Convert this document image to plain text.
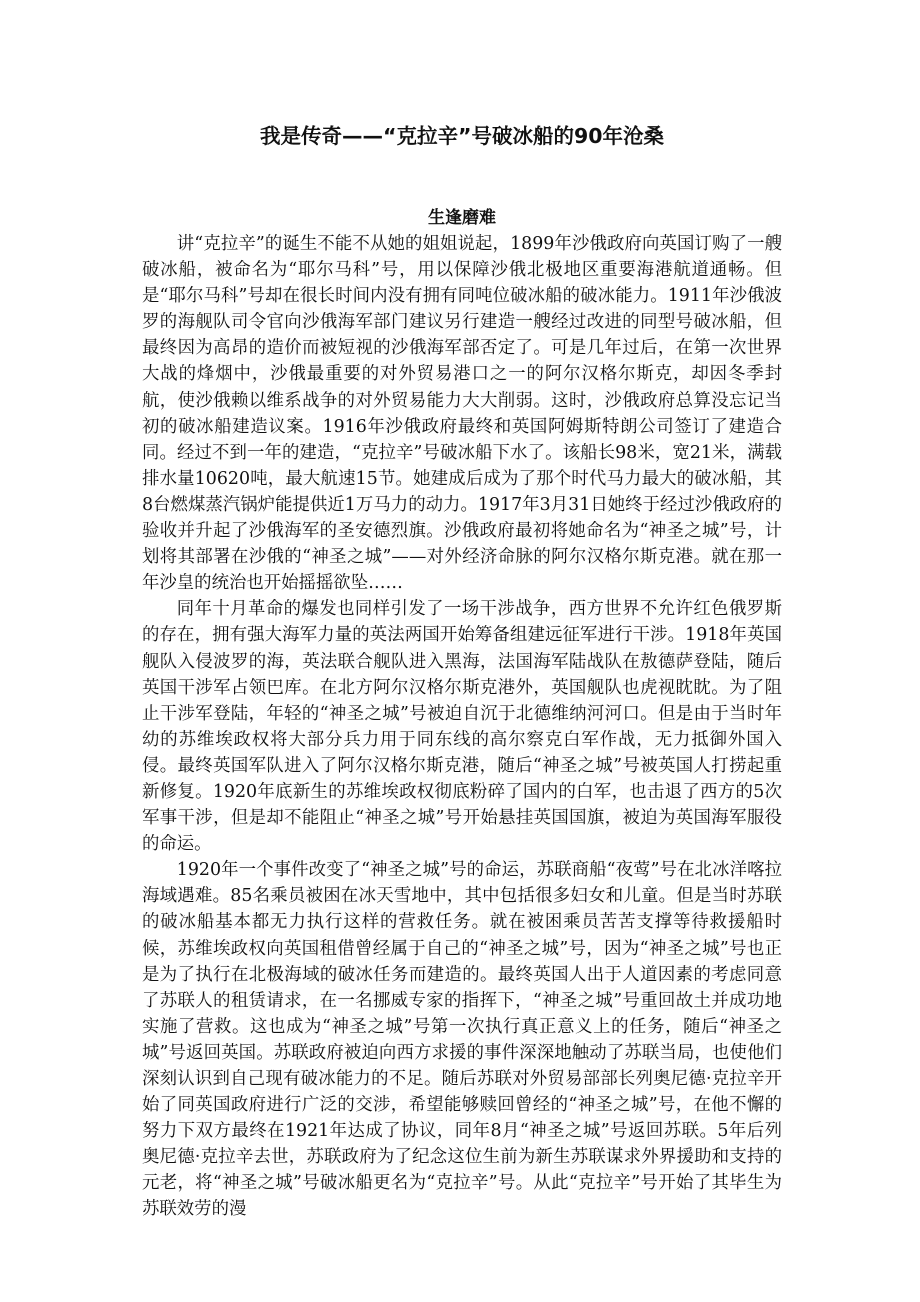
我是传奇——“克拉辛”号破冰船的90年沧桑
生逢磨难

讲“克拉辛”的诞生不能不从她的姐姐说起，1899年沙俄政府向英国订购了一艘破冰船，被命名为“耶尔马科”号，用以保障沙俄北极地区重要海港航道通畅。但是“耶尔马科”号却在很长时间内没有拥有同吨位破冰船的破冰能力。1911年沙俄波罗的海舰队司令官向沙俄海军部门建议另行建造一艘经过改进的同型号破冰船，但最终因为高昂的造价而被短视的沙俄海军部否定了。可是几年过后，在第一次世界大战的烽烟中，沙俄最重要的对外贸易港口之一的阿尔汉格尔斯克，却因冬季封航，使沙俄赖以维系战争的对外贸易能力大大削弱。这时，沙俄政府总算没忘记当初的破冰船建造议案。1916年沙俄政府最终和英国阿姆斯特朗公司签订了建造合同。经过不到一年的建造，“克拉辛”号破冰船下水了。该船长98米，宽21米，满载排水量10620吨，最大航速15节。她建成后成为了那个时代马力最大的破冰船，其8台燃煤蒸汽锅炉能提供近1万马力的动力。1917年3月31日她终于经过沙俄政府的验收并升起了沙俄海军的圣安德烈旗。沙俄政府最初将她命名为“神圣之城”号，计划将其部署在沙俄的“神圣之城”——对外经济命脉的阿尔汉格尔斯克港。就在那一年沙皇的统治也开始摇摇欲坠……

同年十月革命的爆发也同样引发了一场干涉战争，西方世界不允许红色俄罗斯的存在，拥有强大海军力量的英法两国开始筹备组建远征军进行干涉。1918年英国舰队入侵波罗的海，英法联合舰队进入黑海，法国海军陆战队在敖德萨登陆，随后英国干涉军占领巴库。在北方阿尔汉格尔斯克港外，英国舰队也虎视眈眈。为了阻止干涉军登陆，年轻的“神圣之城”号被迫自沉于北德维纳河河口。但是由于当时年幼的苏维埃政权将大部分兵力用于同东线的高尔察克白军作战，无力抵御外国入侵。最终英国军队进入了阿尔汉格尔斯克港，随后“神圣之城”号被英国人打捞起重新修复。1920年底新生的苏维埃政权彻底粉碎了国内的白军，也击退了西方的5次军事干涉，但是却不能阻止“神圣之城”号开始悬挂英国国旗，被迫为英国海军服役的命运。

1920年一个事件改变了“神圣之城”号的命运，苏联商船“夜莺”号在北冰洋喀拉海域遇难。85名乘员被困在冰天雪地中，其中包括很多妇女和儿童。但是当时苏联的破冰船基本都无力执行这样的营救任务。就在被困乘员苦苦支撑等待救援船时候，苏维埃政权向英国租借曾经属于自己的“神圣之城”号，因为“神圣之城”号也正是为了执行在北极海域的破冰任务而建造的。最终英国人出于人道因素的考虑同意了苏联人的租赁请求，在一名挪威专家的指挥下，“神圣之城”号重回故土并成功地实施了营救。这也成为“神圣之城”号第一次执行真正意义上的任务，随后“神圣之城”号返回英国。苏联政府被迫向西方求援的事件深深地触动了苏联当局，也使他们深刻认识到自己现有破冰能力的不足。随后苏联对外贸易部部长列奥尼德·克拉辛开始了同英国政府进行广泛的交涉，希望能够赎回曾经的“神圣之城”号，在他不懈的努力下双方最终在1921年达成了协议，同年8月“神圣之城”号返回苏联。5年后列奥尼德·克拉辛去世，苏联政府为了纪念这位生前为新生苏联谋求外界援助和支持的元老，将“神圣之城”号破冰船更名为“克拉辛”号。从此“克拉辛”号开始了其毕生为苏联效劳的漫
